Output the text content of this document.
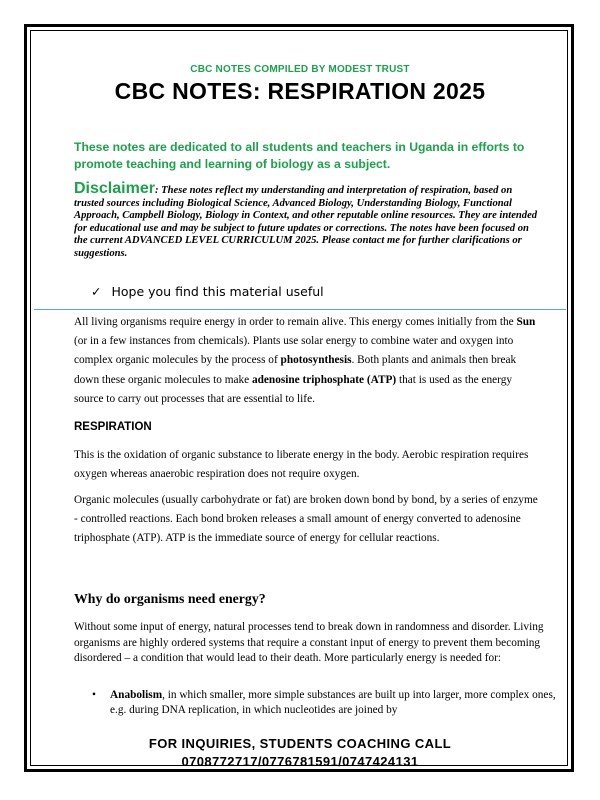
CBC NOTES COMPILED BY MODEST TRUST
CBC NOTES: RESPIRATION 2025
These notes are dedicated to all students and teachers in Uganda in efforts to promote teaching and learning of biology as a subject.
Disclaimer: These notes reflect my understanding and interpretation of respiration, based on trusted sources including Biological Science, Advanced Biology, Understanding Biology, Functional Approach, Campbell Biology, Biology in Context, and other reputable online resources. They are intended for educational use and may be subject to future updates or corrections. The notes have been focused on the current ADVANCED LEVEL CURRICULUM 2025. Please contact me for further clarifications or suggestions.
✓ Hope you find this material useful
All living organisms require energy in order to remain alive. This energy comes initially from the Sun (or in a few instances from chemicals). Plants use solar energy to combine water and oxygen into complex organic molecules by the process of photosynthesis. Both plants and animals then break down these organic molecules to make adenosine triphosphate (ATP) that is used as the energy source to carry out processes that are essential to life.
RESPIRATION
This is the oxidation of organic substance to liberate energy in the body. Aerobic respiration requires oxygen whereas anaerobic respiration does not require oxygen.
Organic molecules (usually carbohydrate or fat) are broken down bond by bond, by a series of enzyme - controlled reactions. Each bond broken releases a small amount of energy converted to adenosine triphosphate (ATP). ATP is the immediate source of energy for cellular reactions.
Why do organisms need energy?
Without some input of energy, natural processes tend to break down in randomness and disorder. Living organisms are highly ordered systems that require a constant input of energy to prevent them becoming disordered – a condition that would lead to their death. More particularly energy is needed for:
• Anabolism, in which smaller, more simple substances are built up into larger, more complex ones, e.g. during DNA replication, in which nucleotides are joined by
FOR INQUIRIES, STUDENTS COACHING CALL
0708772717/0776781591/0747424131
